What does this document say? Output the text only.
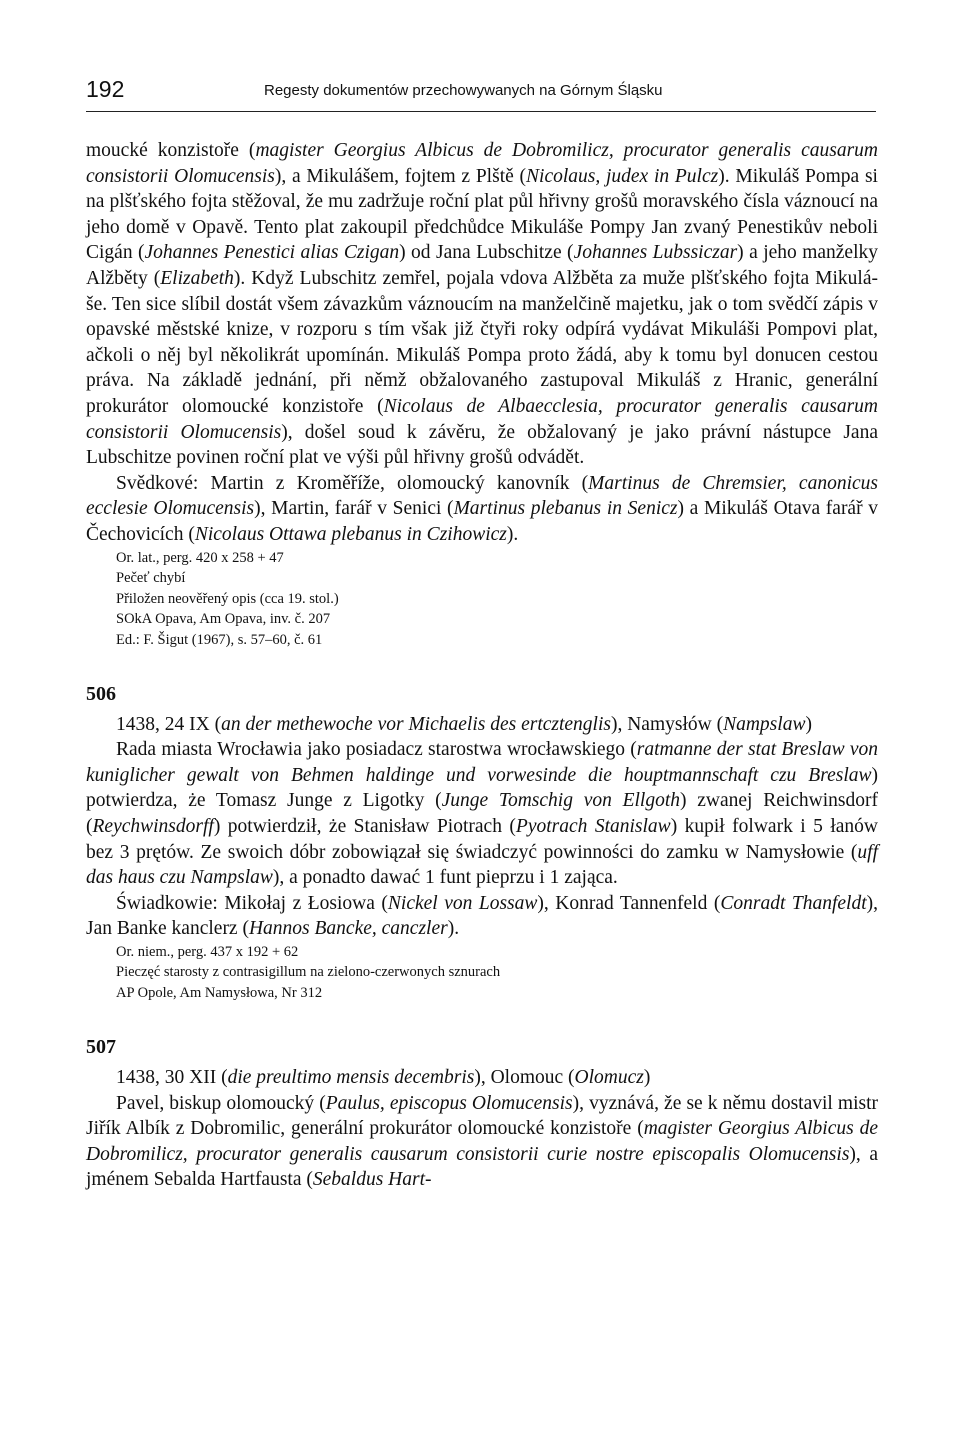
192	Regesty dokumentów przechowywanych na Górnym Śląsku

moucké konzistoře (magister Georgius Albicus de Dobromilicz, procurator generalis causarum consistorii Olomucensis), a Mikulášem, fojtem z Plště (Nicolaus, judex in Pulcz). Mikuláš Pompa si na plšťského fojta stěžoval, že mu zadržuje roční plat půl hřivny grošů moravského čísla váznoucí na jeho domě v Opavě. Tento plat zakoupil předchůdce Mikuláše Pompy Jan zvaný Penestikův neboli Cigán (Johannes Penestici alias Czigan) od Jana Lubschitze (Johannes Lubssiczar) a jeho manželky Alžběty (Elizabeth). Když Lubschitz zemřel, pojala vdova Alžběta za muže plšťského fojta Mikuláše. Ten sice slíbil dostát všem závazkům váznoucím na manželčině majetku, jak o tom svědčí zápis v opavské městské knize, v rozporu s tím však již čtyři roky odpírá vydávat Mikuláši Pompovi plat, ačkoli o něj byl několikrát upomínán. Mikuláš Pompa proto žádá, aby k tomu byl donucen cestou práva. Na základě jednání, při němž obžalovaného zastupoval Mikuláš z Hranic, generální prokurátor olomoucké konzistoře (Nicolaus de Albaecclesia, procurator generalis causarum consistorii Olomucensis), došel soud k závěru, že obžalovaný je jako právní nástupce Jana Lubschitze povinen roční plat ve výši půl hřivny grošů odvádět.

Svědkové: Martin z Kroměříže, olomoucký kanovník (Martinus de Chremsier, canonicus ecclesie Olomucensis), Martin, farář v Senici (Martinus plebanus in Senicz) a Mikuláš Otava farář v Čechovicích (Nicolaus Ottawa plebanus in Czihowicz).

Or. lat., perg. 420 x 258 + 47
Pečeť chybí
Přiložen neověřený opis (cca 19. stol.)
SOkA Opava, Am Opava, inv. č. 207
Ed.: F. Šigut (1967), s. 57–60, č. 61
506

1438, 24 IX (an der methewoche vor Michaelis des ertcztenglis), Namysłów (Nampslaw)

Rada miasta Wrocławia jako posiadacz starostwa wrocławskiego (ratmanne der stat Breslaw von kuniglicher gewalt von Behmen haldinge und vorwesinde die houptmannschaft czu Breslaw) potwierdza, że Tomasz Junge z Ligotky (Junge Tomschig von Ellgoth) zwanej Reichwinsdorf (Reychwinsdorff) potwierdził, że Stanisław Piotrach (Pyotrach Stanislaw) kupił folwark i 5 łanów bez 3 prętów. Ze swoich dóbr zobowiązał się świadczyć powinności do zamku w Namysłowie (uff das haus czu Nampslaw), a ponadto dawać 1 funt pieprzu i 1 zająca.

Świadkowie: Mikołaj z Łosiowa (Nickel von Lossaw), Konrad Tannenfeld (Conradt Thanfeldt), Jan Banke kanclerz (Hannos Bancke, canczler).

Or. niem., perg. 437 x 192 + 62
Pieczęć starosty z contrasigillum na zielono-czerwonych sznurach
AP Opole, Am Namysłowa, Nr 312
507

1438, 30 XII (die preultimo mensis decembris), Olomouc (Olomucz)

Pavel, biskup olomoucký (Paulus, episcopus Olomucensis), vyznává, že se k němu dostavil mistr Jiřík Albík z Dobromilic, generální prokurátor olomoucké konzistoře (magister Georgius Albicus de Dobromilicz, procurator generalis causarum consistorii curie nostre episcopalis Olomucensis), a jménem Sebalda Hartfausta (Sebaldus Hart-
